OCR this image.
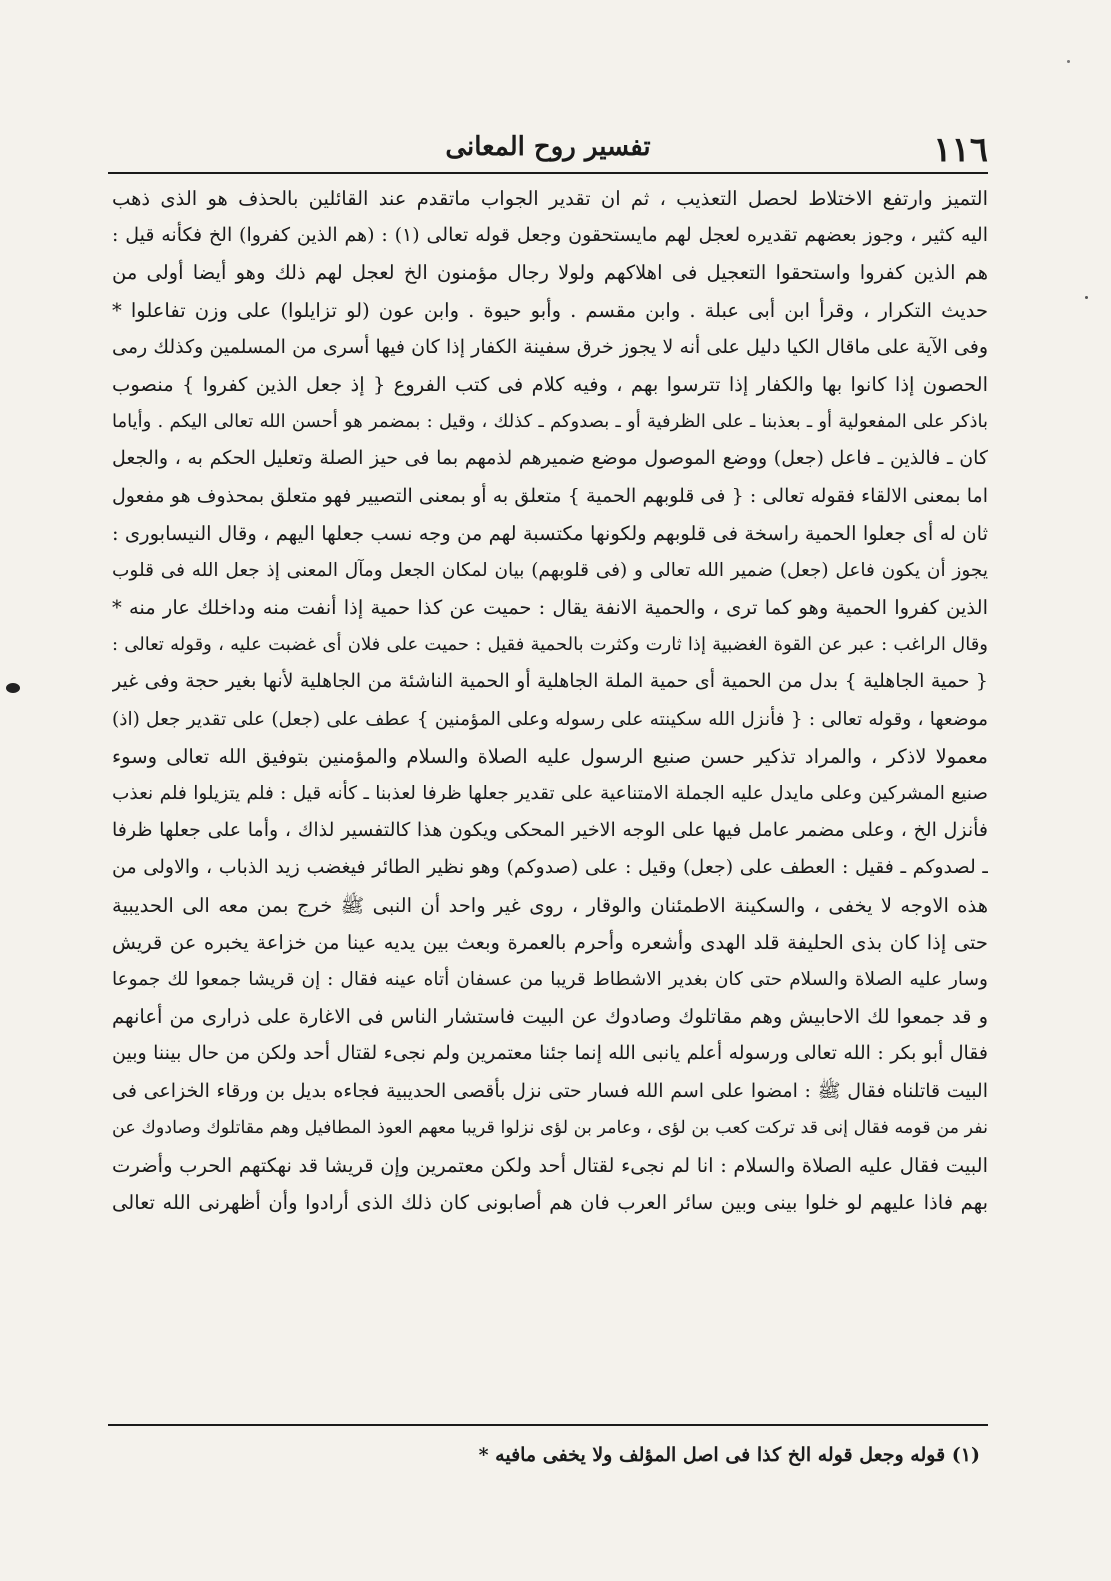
١١٦
تفسير روح المعانى
التميز وارتفع الاختلاط لحصل التعذيب ، ثم ان تقدير الجواب ماتقدم عند القائلين بالحذف هو الذى ذهب
اليه كثير ، وجوز بعضهم تقديره لعجل لهم مايستحقون وجعل قوله تعالى (١) : (هم الذين كفروا) الخ فكأنه قيل :
هم الذين كفروا واستحقوا التعجيل فى اهلاكهم ولولا رجال مؤمنون الخ لعجل لهم ذلك وهو أيضا أولى من
حديث التكرار ، وقرأ ابن أبى عبلة . وابن مقسم . وأبو حيوة . وابن عون (لو تزايلوا) على وزن تفاعلوا *
وفى الآية على ماقال الكيا دليل على أنه لا يجوز خرق سفينة الكفار إذا كان فيها أسرى من المسلمين وكذلك رمى
الحصون إذا كانوا بها والكفار إذا تترسوا بهم ، وفيه كلام فى كتب الفروع { إذ جعل الذين كفروا } منصوب
باذكر على المفعولية أو ـ بعذبنا ـ على الظرفية أو ـ بصدوكم ـ كذلك ، وقيل : بمضمر هو أحسن الله تعالى اليكم . وأياما
كان ـ فالذين ـ فاعل (جعل) ووضع الموصول موضع ضميرهم لذمهم بما فى حيز الصلة وتعليل الحكم به ، والجعل
اما بمعنى الالقاء فقوله تعالى : { فى قلوبهم الحمية } متعلق به أو بمعنى التصيير فهو متعلق بمحذوف هو مفعول
ثان له أى جعلوا الحمية راسخة فى قلوبهم ولكونها مكتسبة لهم من وجه نسب جعلها اليهم ، وقال النيسابورى :
يجوز أن يكون فاعل (جعل) ضمير الله تعالى و (فى قلوبهم) بيان لمكان الجعل ومآل المعنى إذ جعل الله فى قلوب
الذين كفروا الحمية وهو كما ترى ، والحمية الانفة يقال : حميت عن كذا حمية إذا أنفت منه وداخلك عار منه *
وقال الراغب : عبر عن القوة الغضبية إذا ثارت وكثرت بالحمية فقيل : حميت على فلان أى غضبت عليه ، وقوله تعالى :
{ حمية الجاهلية } بدل من الحمية أى حمية الملة الجاهلية أو الحمية الناشئة من الجاهلية لأنها بغير حجة وفى غير
موضعها ، وقوله تعالى : { فأنزل الله سكينته على رسوله وعلى المؤمنين } عطف على (جعل) على تقدير جعل (اذ)
معمولا لاذكر ، والمراد تذكير حسن صنيع الرسول عليه الصلاة والسلام والمؤمنين بتوفيق الله تعالى وسوء
صنيع المشركين وعلى مايدل عليه الجملة الامتناعية على تقدير جعلها ظرفا لعذبنا ـ كأنه قيل : فلم يتزيلوا فلم نعذب
فأنزل الخ ، وعلى مضمر عامل فيها على الوجه الاخير المحكى ويكون هذا كالتفسير لذاك ، وأما على جعلها ظرفا
ـ لصدوكم ـ فقيل : العطف على (جعل) وقيل : على (صدوكم) وهو نظير الطائر فيغضب زيد الذباب ، والاولى من
هذه الاوجه لا يخفى ، والسكينة الاطمئنان والوقار ، روى غير واحد أن النبى ﷺ خرج بمن معه الى الحديبية
حتى إذا كان بذى الحليفة قلد الهدى وأشعره وأحرم بالعمرة وبعث بين يديه عينا من خزاعة يخبره عن قريش
وسار عليه الصلاة والسلام حتى كان بغدير الاشطاط قريبا من عسفان أتاه عينه فقال : إن قريشا جمعوا لك جموعا
و قد جمعوا لك الاحابيش وهم مقاتلوك وصادوك عن البيت فاستشار الناس فى الاغارة على ذرارى من أعانهم
فقال أبو بكر : الله تعالى ورسوله أعلم يانبى الله إنما جئنا معتمرين ولم نجىء لقتال أحد ولكن من حال بيننا وبين
البيت قاتلناه فقال ﷺ : امضوا على اسم الله فسار حتى نزل بأقصى الحديبية فجاءه بديل بن ورقاء الخزاعى فى
نفر من قومه فقال إنى قد تركت كعب بن لؤى ، وعامر بن لؤى نزلوا قريبا معهم العوذ المطافيل وهم مقاتلوك وصادوك عن
البيت فقال عليه الصلاة والسلام : انا لم نجىء لقتال أحد ولكن معتمرين وإن قريشا قد نهكتهم الحرب وأضرت
بهم فاذا عليهم لو خلوا بينى وبين سائر العرب فان هم أصابونى كان ذلك الذى أرادوا وأن أظهرنى الله تعالى
(١) قوله وجعل قوله الخ كذا فى اصل المؤلف ولا يخفى مافيه *
